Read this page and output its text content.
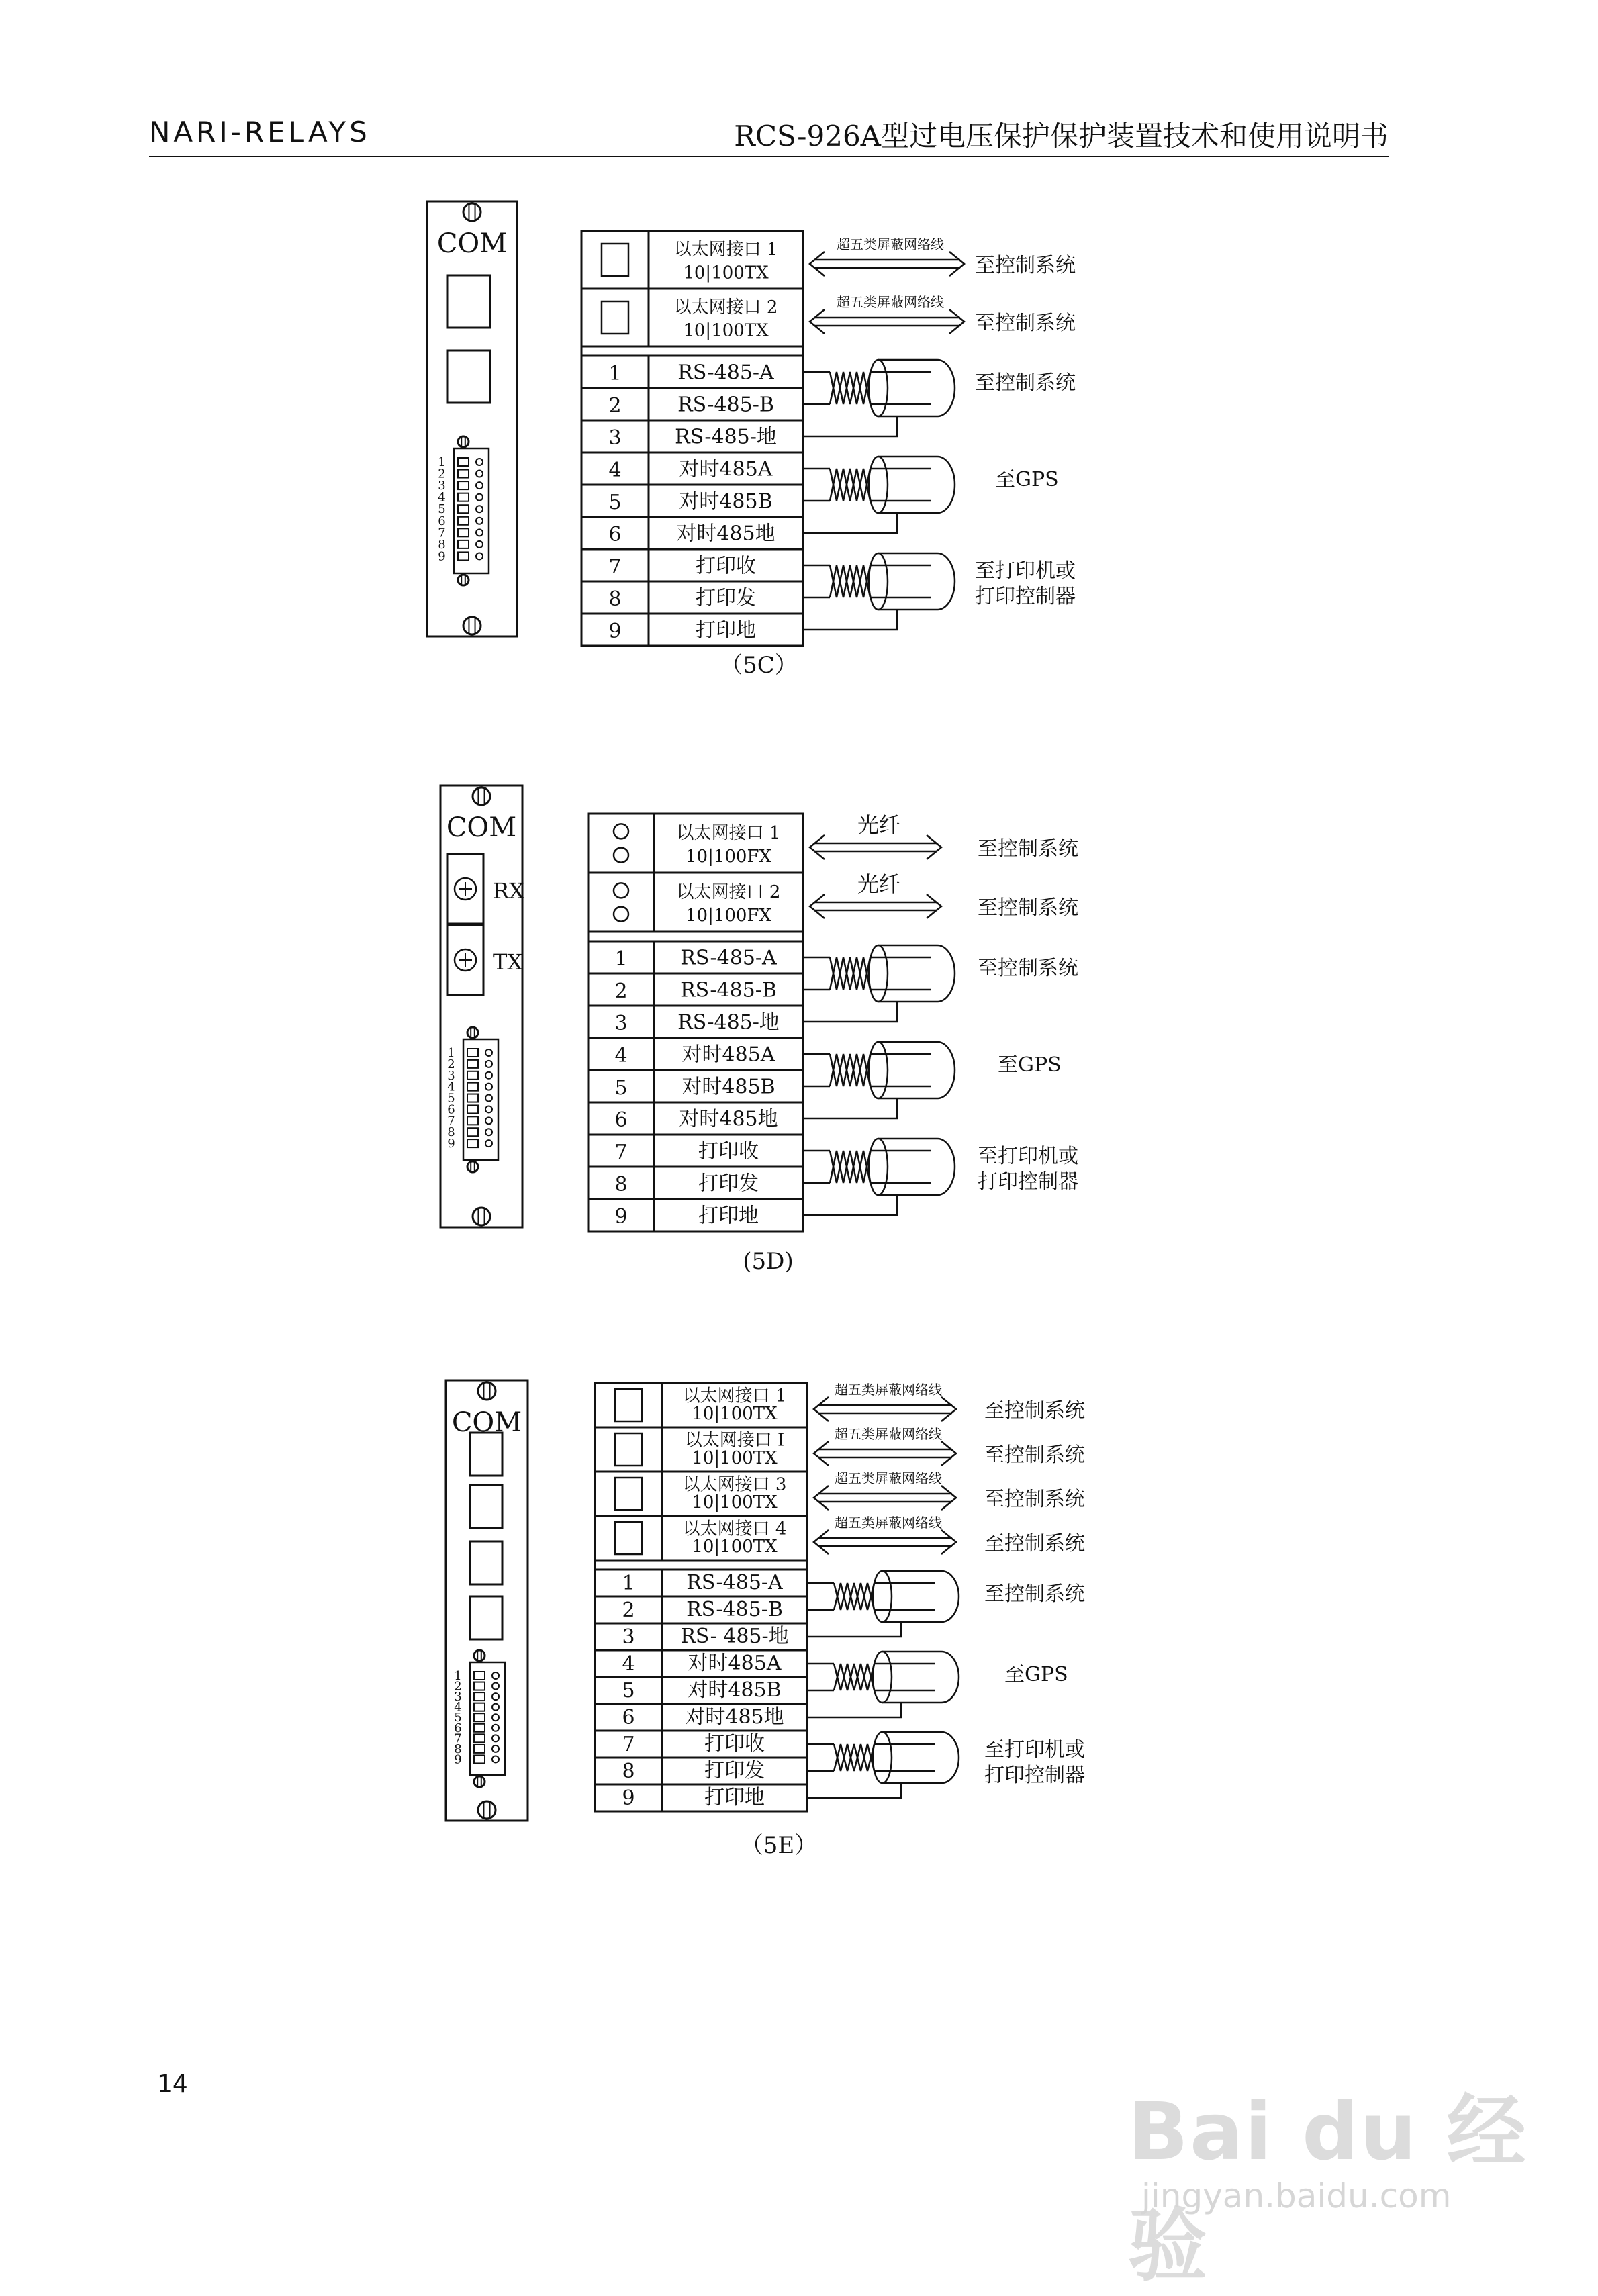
NARI-RELAYS	RCS-926A型过电压保护保护装置技术和使用说明书
COM
1
2
3
4
5
6
7
8
9
以太网接口 1
10|100TX
超五类屏蔽网络线
至控制系统
以太网接口 2
10|100TX
超五类屏蔽网络线
至控制系统
1	RS-485-A
2	RS-485-B
3	RS-485-地
4	对时485A
5	对时485B
6	对时485地
7	打印收
8	打印发
9	打印地
至控制系统
至GPS
至打印机或
打印控制器
（5C）
COM
RX
TX
1
2
3
4
5
6
7
8
9
以太网接口 1
10|100FX
光纤
至控制系统
以太网接口 2
10|100FX
光纤
至控制系统
1	RS-485-A
2	RS-485-B
3 RS-485-地
4	对时485A
5	对时485B
6	对时485地
7	打印收
8	打印发
9	打印地
至控制系统
至GPS
至打印机或
打印控制器
(5D)
COM
1
2
3
4
5
6
7
8
9
以太网接口 1
10|100TX
超五类屏蔽网络线
至控制系统
以太网接口 I
10|100TX
超五类屏蔽网络线
至控制系统
以太网接口 3
10|100TX
超五类屏蔽网络线
至控制系统
以太网接口 4
10|100TX
超五类屏蔽网络线
至控制系统
1	RS-485-A
2	RS-485-B
3 RS- 485-地
4	对时485A
5	对时485B
6 对时485地
7	打印收
8	打印发
9	打印地
至控制系统
至GPS
至打印机或
打印控制器
（5E）
14
Bai du 经验
jingyan.baidu.com
